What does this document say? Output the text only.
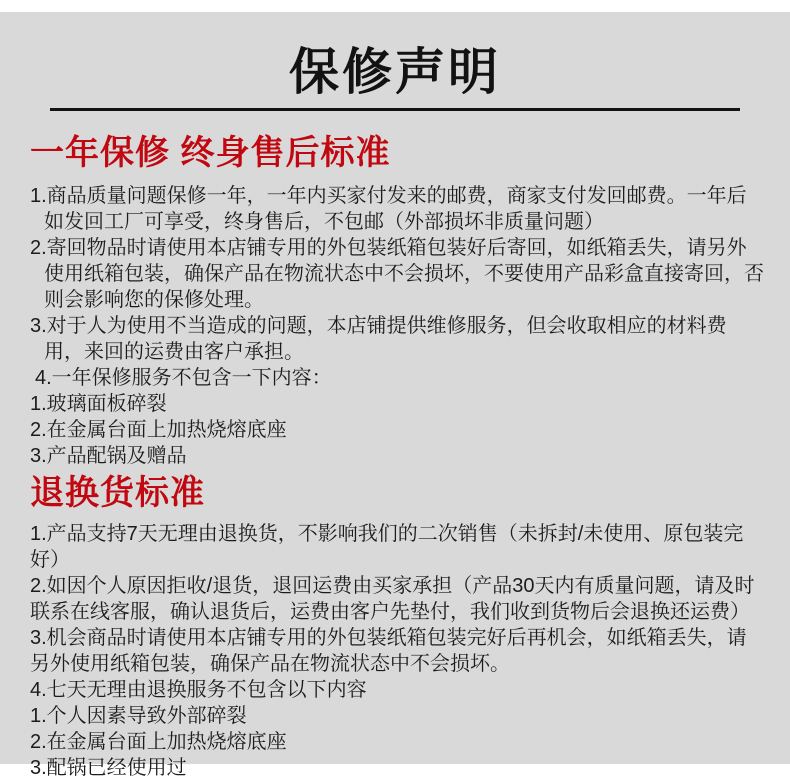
保修声明
一年保修 终身售后标准
1.商品质量问题保修一年，一年内买家付发来的邮费，商家支付发回邮费。一年后如发回工厂可享受，终身售后，不包邮（外部损坏非质量问题）
2.寄回物品时请使用本店铺专用的外包装纸箱包装好后寄回，如纸箱丢失，请另外使用纸箱包装，确保产品在物流状态中不会损坏，不要使用产品彩盒直接寄回，否则会影响您的保修处理。
3.对于人为使用不当造成的问题，本店铺提供维修服务，但会收取相应的材料费用，来回的运费由客户承担。
4.一年保修服务不包含一下内容：
1.玻璃面板碎裂
2.在金属台面上加热烧熔底座
3.产品配锅及赠品
退换货标准
1.产品支持7天无理由退换货，不影响我们的二次销售（未拆封/未使用、原包装完好）
2.如因个人原因拒收/退货，退回运费由买家承担（产品30天内有质量问题，请及时联系在线客服，确认退货后，运费由客户先垫付，我们收到货物后会退换还运费）
3.机会商品时请使用本店铺专用的外包装纸箱包装完好后再机会，如纸箱丢失，请另外使用纸箱包装，确保产品在物流状态中不会损坏。
4.七天无理由退换服务不包含以下内容
1.个人因素导致外部碎裂
2.在金属台面上加热烧熔底座
3.配锅已经使用过
